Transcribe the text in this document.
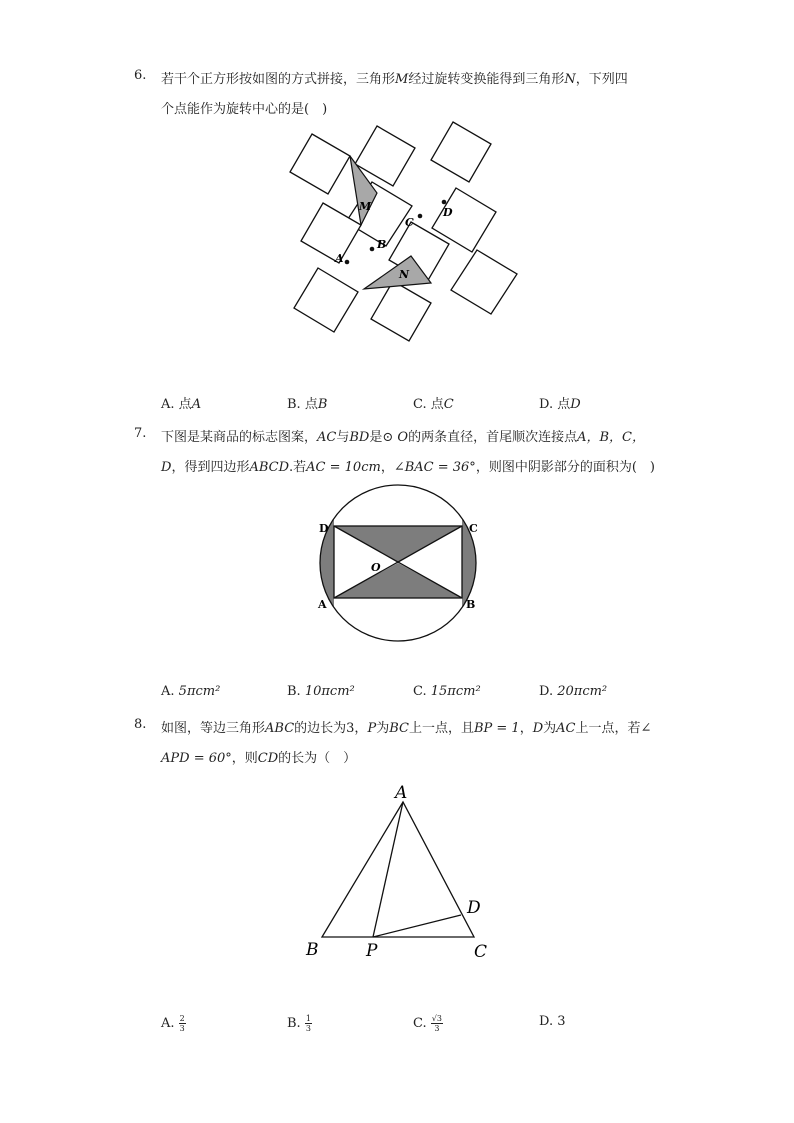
6.	若干个正方形按如图的方式拼接，三角形M经过旋转变换能得到三角形N，下列四
个点能作为旋转中心的是(　)
M
N
A
B
C
D
A. 点A	B. 点B	C. 点C	D. 点D
7.	下图是某商品的标志图案，AC与BD是⊙ O的两条直径，首尾顺次连接点A，B，C，
D，得到四边形ABCD.若AC = 10cm，∠BAC = 36°，则图中阴影部分的面积为(　)
D	C
A	B
O
A. 5πcm²	B. 10πcm²	C. 15πcm²	D. 20πcm²
8.	如图，等边三角形ABC的边长为3，P为BC上一点，且BP = 1，D为AC上一点，若∠
APD = 60°，则CD的长为（　）
A
B	P	C
D
A. $\frac{2}{3}$	B. $\frac{1}{3}$	C. $\frac{√3}{3}$	D. 3
